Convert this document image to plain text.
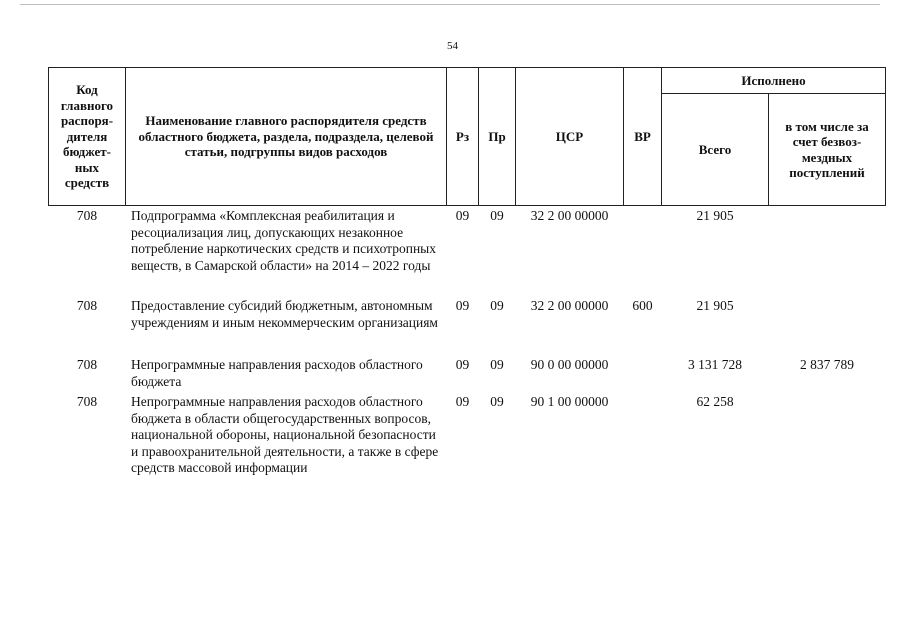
54
Код главного распоря-дителя бюджет-ных средств	Наименование главного распорядителя средств областного бюджета, раздела, подраздела, целевой статьи, подгруппы видов расходов	Рз	Пр	ЦСР	ВР	Исполнено	
						Всего	в том числе за счет безвоз-мездных поступлений
708	Подпрограмма «Комплексная реабилитация и ресоциализация лиц, допускающих незаконное потребление наркотических средств и психотропных веществ, в Самарской области» на 2014 – 2022 годы	09	09	32 2 00 00000		21 905	
708	Предоставление субсидий бюджетным, автономным учреждениям и иным некоммерческим организациям	09	09	32 2 00 00000	600	21 905	
708	Непрограммные направления расходов областного бюджета	09	09	90 0 00 00000		3 131 728	2 837 789
708	Непрограммные направления расходов областного бюджета в области общегосударственных вопросов, национальной обороны, национальной безопасности и правоохранительной деятельности, а также в сфере средств массовой информации	09	09	90 1 00 00000		62 258	
